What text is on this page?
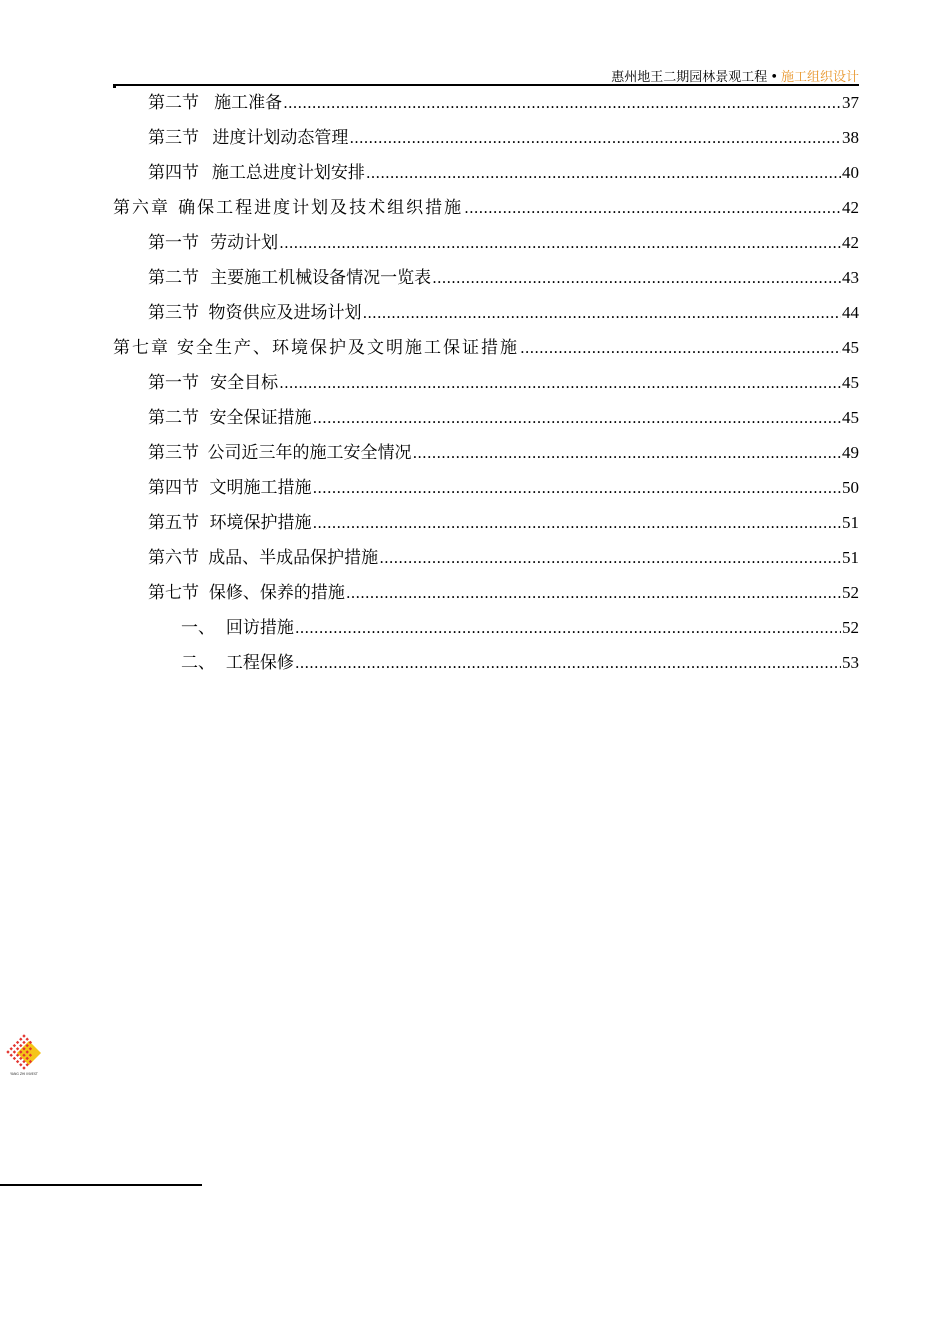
惠州地王二期园林景观工程 • 施工组织设计
第二节 施工准备 .....	37
第三节 进度计划动态管理 .....	38
第四节 施工总进度计划安排 .....	40
第六章 确保工程进度计划及技术组织措施 .....	42
第一节 劳动计划 .....	42
第二节 主要施工机械设备情况一览表 .....	43
第三节 物资供应及进场计划 .....	44
第七章 安全生产、环境保护及文明施工保证措施 .....	45
第一节 安全目标 .....	45
第二节 安全保证措施 .....	45
第三节 公司近三年的施工安全情况 .....	49
第四节 文明施工措施 .....	50
第五节 环境保护措施 .....	51
第六节 成品、半成品保护措施 .....	51
第七节 保修、保养的措施 .....	52
一、 回访措施 .....	52
二、 工程保修 .....	53
YANG ZHI INVEST
